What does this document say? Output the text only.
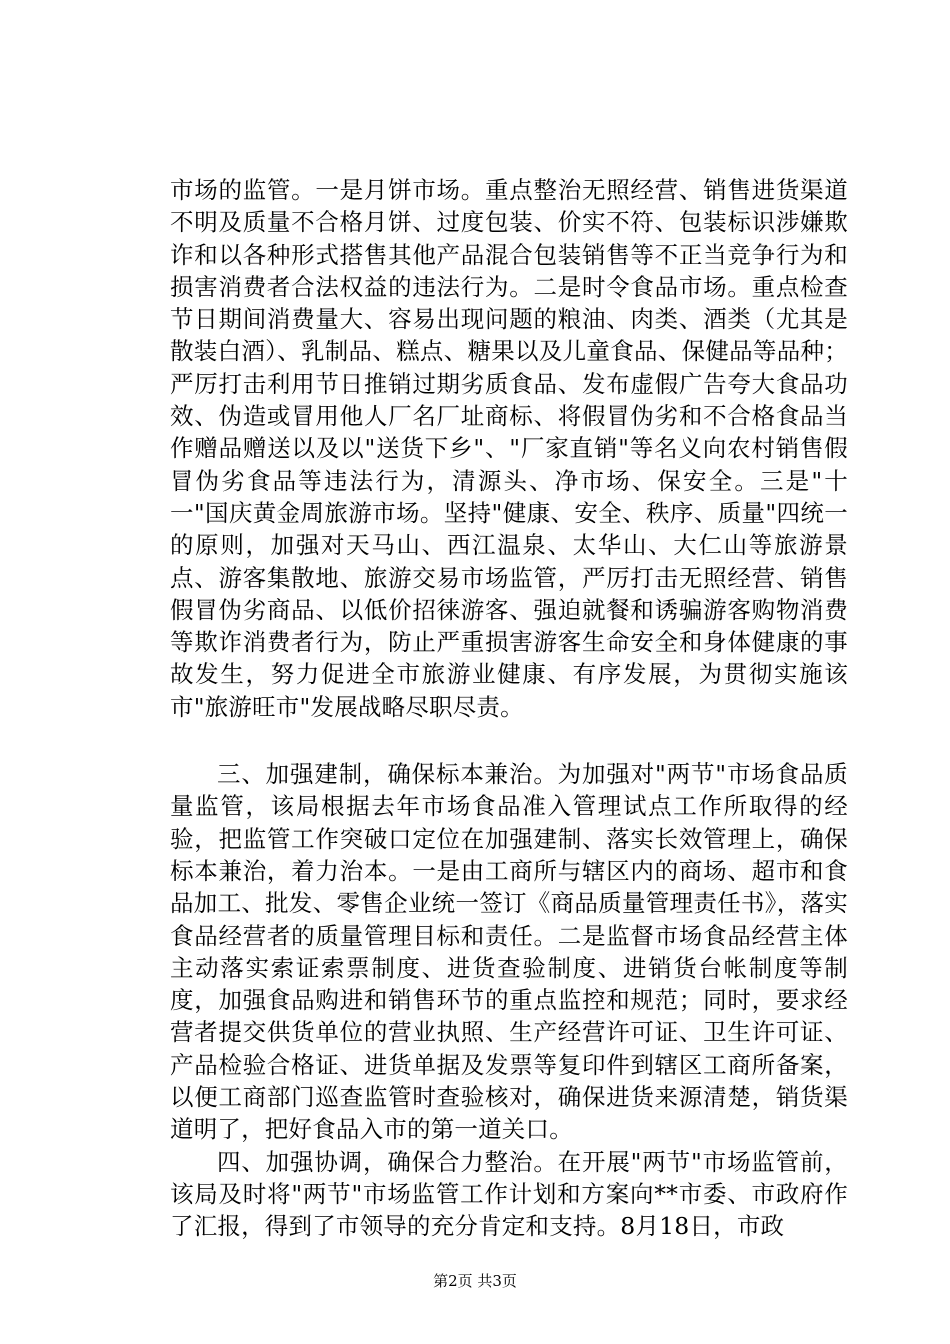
市场的监管。一是月饼市场。重点整治无照经营、销售进货渠道不明及质量不合格月饼、过度包装、价实不符、包装标识涉嫌欺诈和以各种形式搭售其他产品混合包装销售等不正当竞争行为和损害消费者合法权益的违法行为。二是时令食品市场。重点检查节日期间消费量大、容易出现问题的粮油、肉类、酒类（尤其是散装白酒）、乳制品、糕点、糖果以及儿童食品、保健品等品种；严厉打击利用节日推销过期劣质食品、发布虚假广告夸大食品功效、伪造或冒用他人厂名厂址商标、将假冒伪劣和不合格食品当作赠品赠送以及以"送货下乡"、"厂家直销"等名义向农村销售假冒伪劣食品等违法行为，清源头、净市场、保安全。三是"十一"国庆黄金周旅游市场。坚持"健康、安全、秩序、质量"四统一的原则，加强对天马山、西江温泉、太华山、大仁山等旅游景点、游客集散地、旅游交易市场监管，严厉打击无照经营、销售假冒伪劣商品、以低价招徕游客、强迫就餐和诱骗游客购物消费等欺诈消费者行为，防止严重损害游客生命安全和身体健康的事故发生，努力促进全市旅游业健康、有序发展，为贯彻实施该市"旅游旺市"发展战略尽职尽责。

三、加强建制，确保标本兼治。为加强对"两节"市场食品质量监管，该局根据去年市场食品准入管理试点工作所取得的经验，把监管工作突破口定位在加强建制、落实长效管理上，确保标本兼治，着力治本。一是由工商所与辖区内的商场、超市和食品加工、批发、零售企业统一签订《商品质量管理责任书》，落实食品经营者的质量管理目标和责任。二是监督市场食品经营主体主动落实索证索票制度、进货查验制度、进销货台帐制度等制度，加强食品购进和销售环节的重点监控和规范；同时，要求经营者提交供货单位的营业执照、生产经营许可证、卫生许可证、产品检验合格证、进货单据及发票等复印件到辖区工商所备案，以便工商部门巡查监管时查验核对，确保进货来源清楚，销货渠道明了，把好食品入市的第一道关口。

四、加强协调，确保合力整治。在开展"两节"市场监管前，该局及时将"两节"市场监管工作计划和方案向**市委、市政府作了汇报，得到了市领导的充分肯定和支持。8月18日，市政

第2页 共3页
